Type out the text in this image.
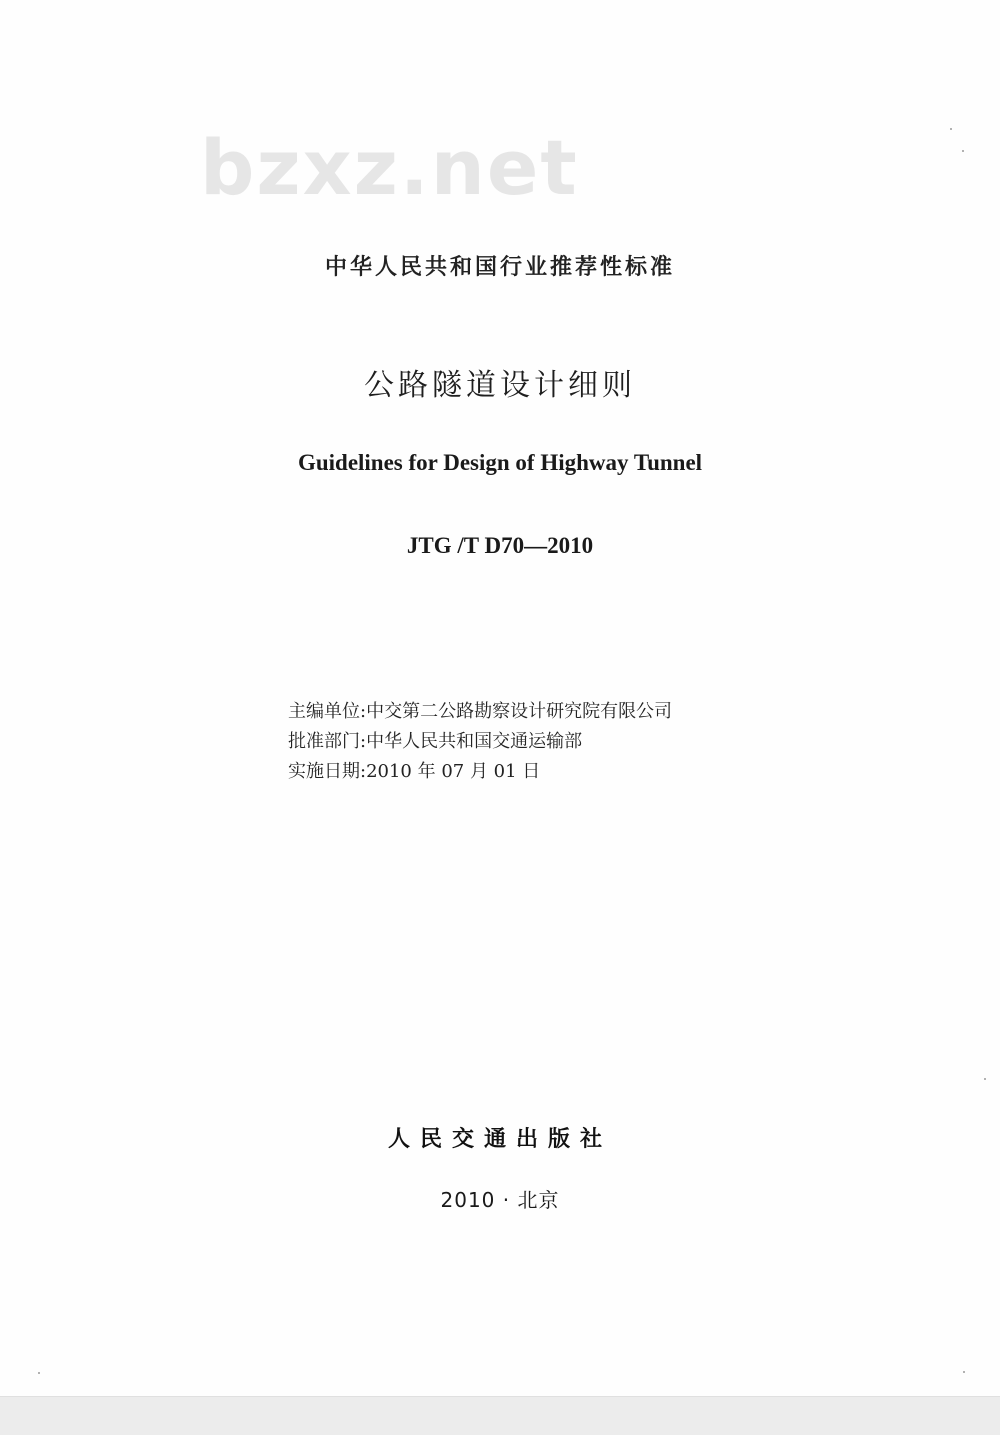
bzxz.net
中华人民共和国行业推荐性标准
公路隧道设计细则
Guidelines for Design of Highway Tunnel
JTG /T D70—2010
主编单位:中交第二公路勘察设计研究院有限公司
批准部门:中华人民共和国交通运输部
实施日期:2010 年 07 月 01 日
人民交通出版社
2010 · 北京
